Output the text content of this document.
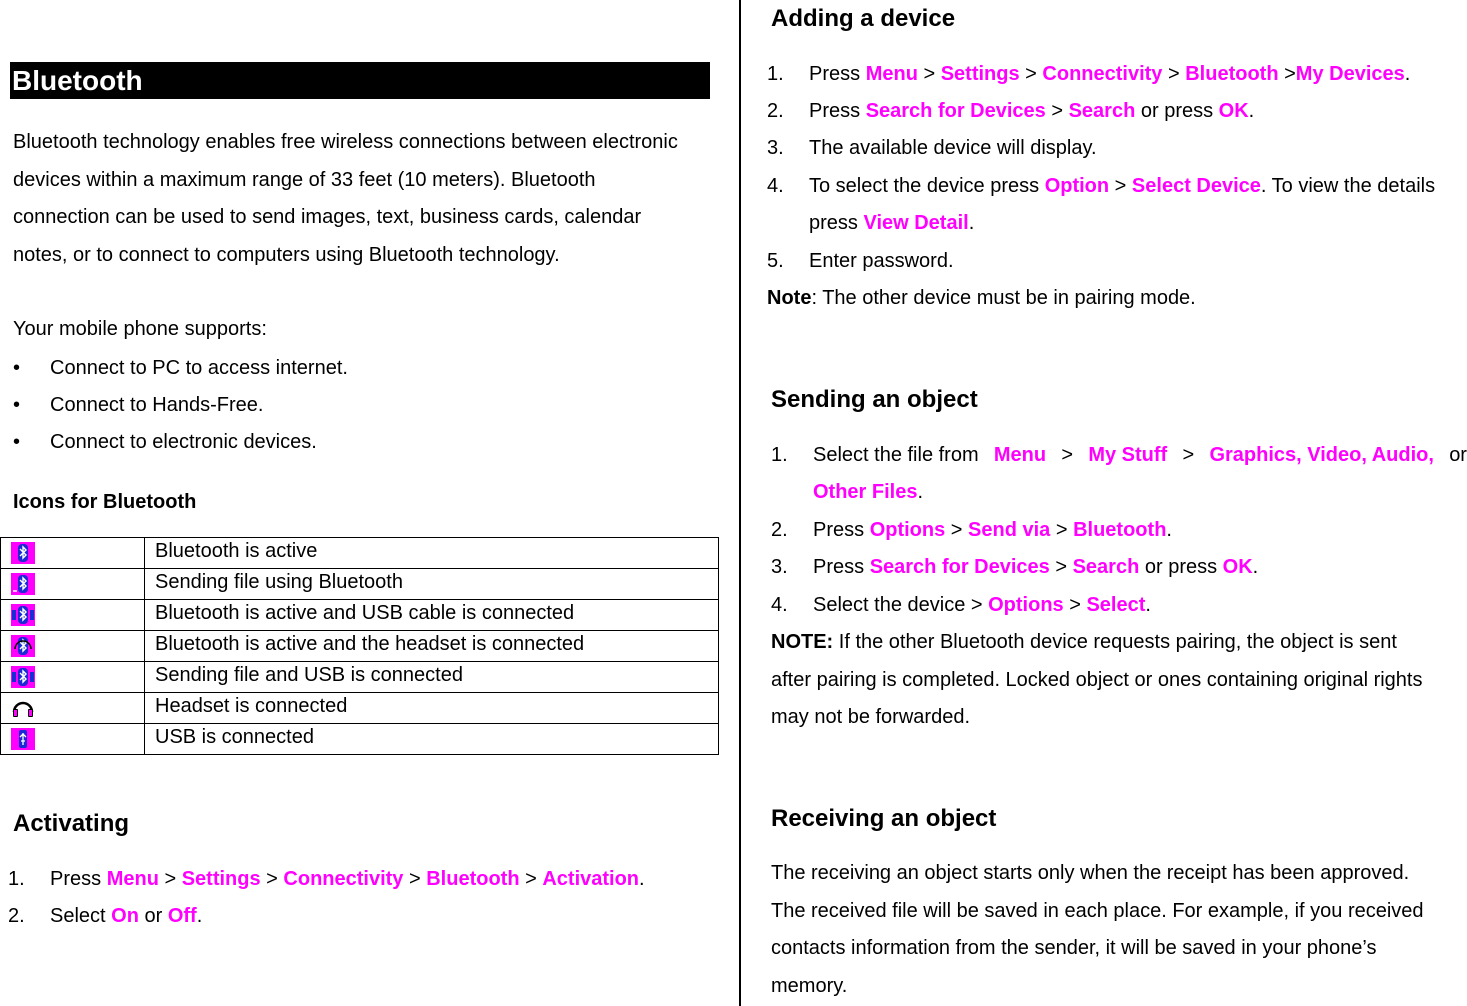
Bluetooth
Bluetooth technology enables free wireless connections between electronic
devices within a maximum range of 33 feet (10 meters). Bluetooth
connection can be used to send images, text, business cards, calendar
notes, or to connect to computers using Bluetooth technology.
Your mobile phone supports:
• Connect to PC to access internet.
• Connect to Hands-Free.
• Connect to electronic devices.
Icons for Bluetooth
	Bluetooth is active

	Sending file using Bluetooth

	Bluetooth is active and USB cable is connected

	Bluetooth is active and the headset is connected

	Sending file and USB is connected

	Headset is connected

	USB is connected
Activating
1. Press Menu > Settings > Connectivity > Bluetooth > Activation.
2. Select On or Off.
Adding a device
1. Press Menu > Settings > Connectivity > Bluetooth >My Devices.
2. Press Search for Devices > Search or press OK.
3. The available device will display.
4. To select the device press Option > Select Device. To view the details
press View Detail.
5. Enter password.
Note: The other device must be in pairing mode.
Sending an object
1. Select the file from Menu > My Stuff > Graphics, Video, Audio, or
Other Files.
2. Press Options > Send via > Bluetooth.
3. Press Search for Devices > Search or press OK.
4. Select the device > Options > Select.
NOTE: If the other Bluetooth device requests pairing, the object is sent
after pairing is completed. Locked object or ones containing original rights
may not be forwarded.
Receiving an object
The receiving an object starts only when the receipt has been approved.
The received file will be saved in each place. For example, if you received
contacts information from the sender, it will be saved in your phone’s
memory.
